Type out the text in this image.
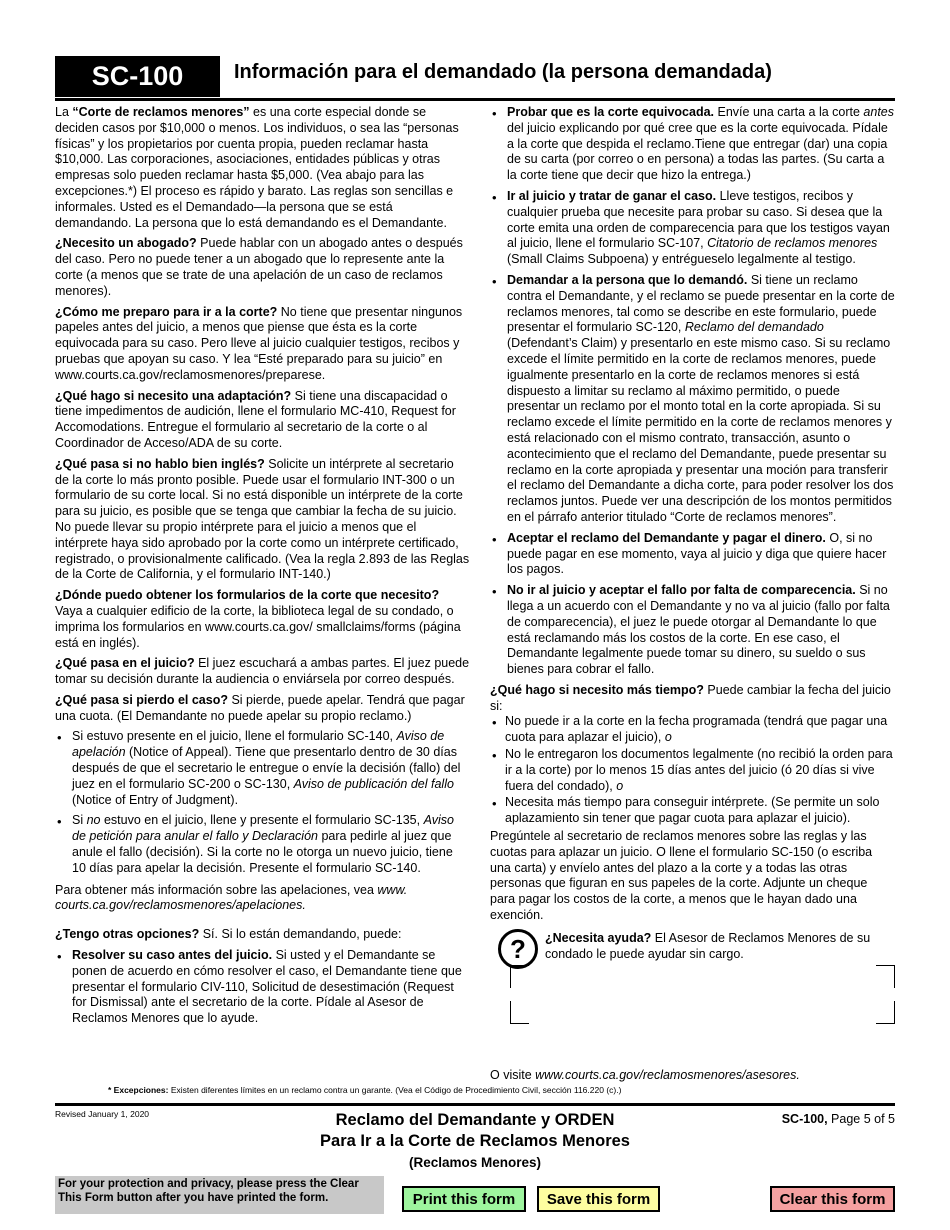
SC-100	Información para el demandado (la persona demandada)

La “Corte de reclamos menores” es una corte especial donde se deciden casos por $10,000 o menos. Los individuos, o sea las “personas físicas” y los propietarios por cuenta propia, pueden reclamar hasta $10,000. Las corporaciones, asociaciones, entidades públicas y otras empresas solo pueden reclamar hasta $5,000. (Vea abajo para las excepciones.*) El proceso es rápido y barato. Las reglas son sencillas e informales. Usted es el Demandado—la persona que se está demandando. La persona que lo está demandando es el Demandante.

¿Necesito un abogado? Puede hablar con un abogado antes o después del caso. Pero no puede tener a un abogado que lo represente ante la corte (a menos que se trate de una apelación de un caso de reclamos menores).

¿Cómo me preparo para ir a la corte? No tiene que presentar ningunos papeles antes del juicio, a menos que piense que ésta es la corte equivocada para su caso. Pero lleve al juicio cualquier testigos, recibos y pruebas que apoyan su caso. Y lea “Esté preparado para su juicio” en www.courts.ca.gov/reclamosmenores/preparese.

¿Qué hago si necesito una adaptación? Si tiene una discapacidad o tiene impedimentos de audición, llene el formulario MC-410, Request for Accomodations. Entregue el formulario al secretario de la corte o al Coordinador de Acceso/ADA de su corte.

¿Qué pasa si no hablo bien inglés? Solicite un intérprete al secretario de la corte lo más pronto posible. Puede usar el formulario INT-300 o un formulario de su corte local. Si no está disponible un intérprete de la corte para su juicio, es posible que se tenga que cambiar la fecha de su juicio. No puede llevar su propio intérprete para el juicio a menos que el intérprete haya sido aprobado por la corte como un intérprete certificado, registrado, o provisionalmente calificado. (Vea la regla 2.893 de las Reglas de la Corte de California, y el formulario INT-140.)

¿Dónde puedo obtener los formularios de la corte que necesito? Vaya a cualquier edificio de la corte, la biblioteca legal de su condado, o imprima los formularios en www.courts.ca.gov/ smallclaims/forms (página está en inglés).

¿Qué pasa en el juicio? El juez escuchará a ambas partes. El juez puede tomar su decisión durante la audiencia o enviársela por correo después.

¿Qué pasa si pierdo el caso? Si pierde, puede apelar. Tendrá que pagar una cuota. (El Demandante no puede apelar su propio reclamo.)

• Si estuvo presente en el juicio, llene el formulario SC-140, Aviso de apelación (Notice of Appeal). Tiene que presentarlo dentro de 30 días después de que el secretario le entregue o envíe la decisión (fallo) del juez en el formulario SC-200 o SC-130, Aviso de publicación del fallo (Notice of Entry of Judgment).
• Si no estuvo en el juicio, llene y presente el formulario SC-135, Aviso de petición para anular el fallo y Declaración para pedirle al juez que anule el fallo (decisión). Si la corte no le otorga un nuevo juicio, tiene 10 días para apelar la decisión. Presente el formulario SC-140.

Para obtener más información sobre las apelaciones, vea www. courts.ca.gov/reclamosmenores/apelaciones.

¿Tengo otras opciones? Sí. Si lo están demandando, puede:

• Resolver su caso antes del juicio. Si usted y el Demandante se ponen de acuerdo en cómo resolver el caso, el Demandante tiene que presentar el formulario CIV-110, Solicitud de desestimación (Request for Dismissal) ante el secretario de la corte. Pídale al Asesor de Reclamos Menores que lo ayude.
• Probar que es la corte equivocada. Envíe una carta a la corte antes del juicio explicando por qué cree que es la corte equivocada. Pídale a la corte que despida el reclamo.Tiene que entregar (dar) una copia de su carta (por correo o en persona) a todas las partes. (Su carta a la corte tiene que decir que hizo la entrega.)
• Ir al juicio y tratar de ganar el caso. Lleve testigos, recibos y cualquier prueba que necesite para probar su caso. Si desea que la corte emita una orden de comparecencia para que los testigos vayan al juicio, llene el formulario SC-107, Citatorio de reclamos menores (Small Claims Subpoena) y entrégueselo legalmente al testigo.
• Demandar a la persona que lo demandó. Si tiene un reclamo contra el Demandante, y el reclamo se puede presentar en la corte de reclamos menores, tal como se describe en este formulario, puede presentar el formulario SC-120, Reclamo del demandado (Defendant’s Claim) y presentarlo en este mismo caso. Si su reclamo excede el límite permitido en la corte de reclamos menores, puede igualmente presentarlo en la corte de reclamos menores si está dispuesto a limitar su reclamo al máximo permitido, o puede presentar un reclamo por el monto total en la corte apropiada. Si su reclamo excede el límite permitido en la corte de reclamos menores y está relacionado con el mismo contrato, transacción, asunto o acontecimiento que el reclamo del Demandante, puede presentar su reclamo en la corte apropiada y presentar una moción para transferir el reclamo del Demandante a dicha corte, para poder resolver los dos reclamos juntos. Puede ver una descripción de los montos permitidos en el párrafo anterior titulado “Corte de reclamos menores”.
• Aceptar el reclamo del Demandante y pagar el dinero. O, si no puede pagar en ese momento, vaya al juicio y diga que quiere hacer los pagos.
• No ir al juicio y aceptar el fallo por falta de comparecencia. Si no llega a un acuerdo con el Demandante y no va al juicio (fallo por falta de comparecencia), el juez le puede otorgar al Demandante lo que está reclamando más los costos de la corte. En ese caso, el Demandante legalmente puede tomar su dinero, su sueldo o sus bienes para cobrar el fallo.

¿Qué hago si necesito más tiempo? Puede cambiar la fecha del juicio si:

• No puede ir a la corte en la fecha programada (tendrá que pagar una cuota para aplazar el juicio), o
• No le entregaron los documentos legalmente (no recibió la orden para ir a la corte) por lo menos 15 días antes del juicio (ó 20 días si vive fuera del condado), o
• Necesita más tiempo para conseguir intérprete. (Se permite un solo aplazamiento sin tener que pagar cuota para aplazar el juicio).

Pregúntele al secretario de reclamos menores sobre las reglas y las cuotas para aplazar un juicio. O llene el formulario SC-150 (o escriba una carta) y envíelo antes del plazo a la corte y a todas las otras personas que figuran en sus papeles de la corte. Adjunte un cheque para pagar los costos de la corte, a menos que le hayan dado una exención.

?	¿Necesita ayuda? El Asesor de Reclamos Menores de su condado le puede ayudar sin cargo.
O visite www.courts.ca.gov/reclamosmenores/asesores.
* Excepciones: Existen diferentes límites en un reclamo contra un garante. (Vea el Código de Procedimiento Civil, sección 116.220 (c).)
Revised January 1, 2020	Reclamo del Demandante y ORDEN
Para Ir a la Corte de Reclamos Menores
(Reclamos Menores)
SC-100, Page 5 of 5
For your protection and privacy, please press the Clear This Form button after you have printed the form.	Print this form	Save this form	Clear this form
